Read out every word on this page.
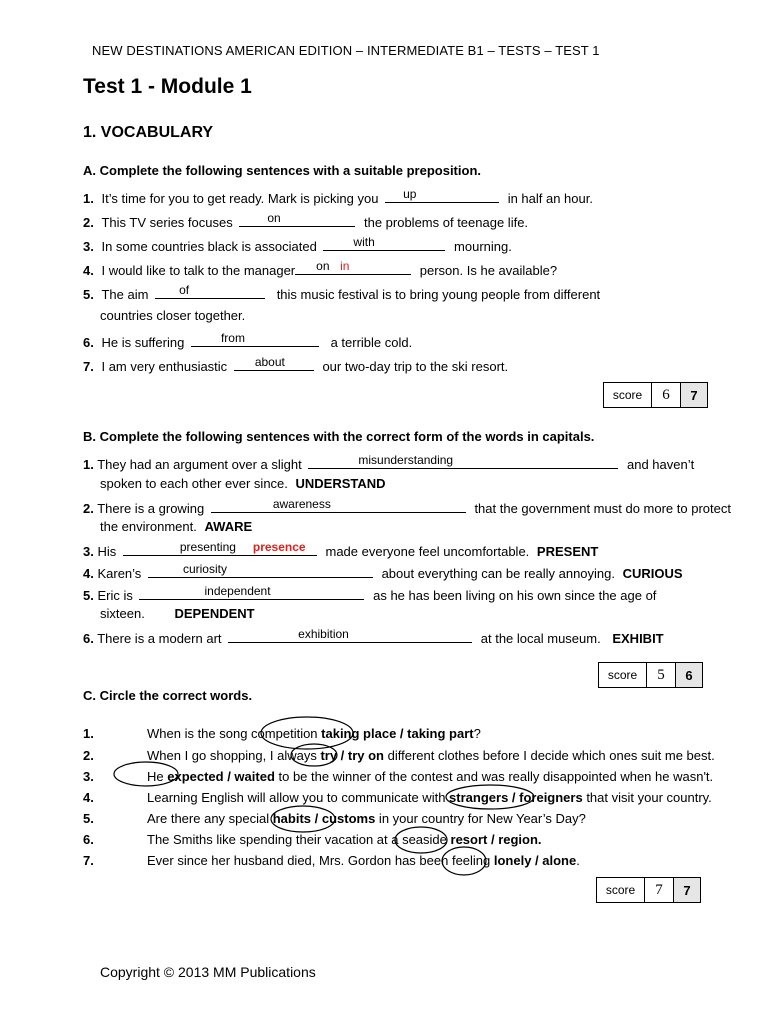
NEW DESTINATIONS AMERICAN EDITION – INTERMEDIATE B1 – TESTS – TEST 1
Test 1 - Module 1
1. VOCABULARY
A. Complete the following sentences with a suitable preposition.
1. It’s time for you to get ready. Mark is picking you up	in half an hour.
2. This TV series focuses	on	the problems of teenage life.
3. In some countries black is associated	with	mourning.
4. I would like to talk to the manager on in	person. Is he available?
5. The aim	of	this music festival is to bring young people from different
countries closer together.
6. He is suffering	from	a terrible cold.
7. I am very enthusiastic about	our two-day trip to the ski resort.
score	6	7
B. Complete the following sentences with the correct form of the words in capitals.
1. They had an argument over a slight	misunderstanding	and haven’t
spoken to each other ever since. UNDERSTAND
2. There is a growing	awareness	that the government must do more to protect
the environment. AWARE
3. His	presenting presence made everyone feel uncomfortable. PRESENT
4. Karen’s	curiosity	about everything can be really annoying. CURIOUS
5. Eric is	independent	as he has been living on his own since the age of
sixteen. DEPENDENT
6. There is a modern art	exhibition	at the local museum. EXHIBIT
score	5	6
C. Circle the correct words.
1.	When is the song competition taking place / taking part?
2.	When I go shopping, I always try / try on different clothes before I decide which ones suit me best.
3.	He expected / waited to be the winner of the contest and was really disappointed when he wasn't.
4.	Learning English will allow you to communicate with strangers / foreigners that visit your country.
5.	Are there any special habits / customs in your country for New Year’s Day?
6.	The Smiths like spending their vacation at a seaside resort / region.
7.	Ever since her husband died, Mrs. Gordon has been feeling lonely / alone.
score	7	7
Copyright © 2013 MM Publications
